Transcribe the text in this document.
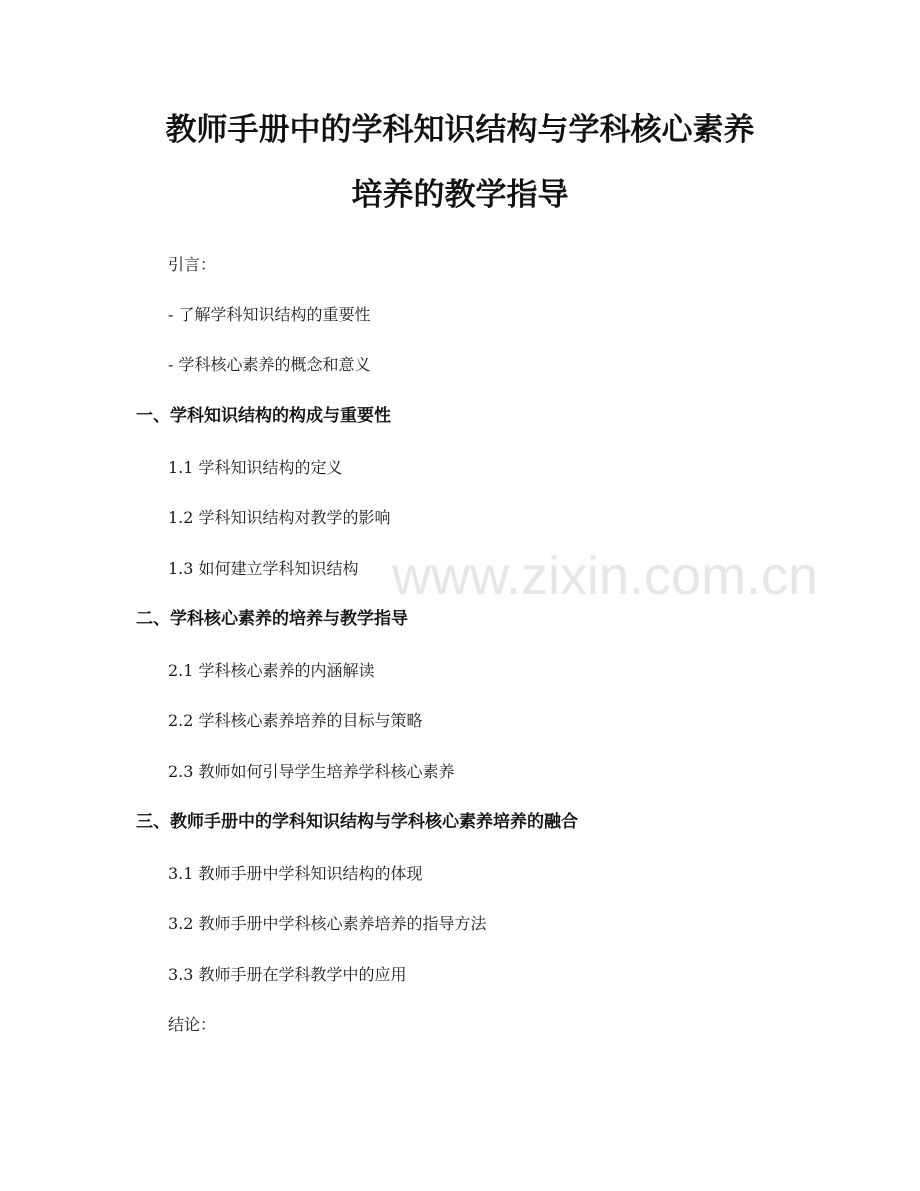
www.zixin.com.cn
教师手册中的学科知识结构与学科核心素养
培养的教学指导
引言：
- 了解学科知识结构的重要性
- 学科核心素养的概念和意义
一、学科知识结构的构成与重要性
1.1 学科知识结构的定义
1.2 学科知识结构对教学的影响
1.3 如何建立学科知识结构
二、学科核心素养的培养与教学指导
2.1 学科核心素养的内涵解读
2.2 学科核心素养培养的目标与策略
2.3 教师如何引导学生培养学科核心素养
三、教师手册中的学科知识结构与学科核心素养培养的融合
3.1 教师手册中学科知识结构的体现
3.2 教师手册中学科核心素养培养的指导方法
3.3 教师手册在学科教学中的应用
结论：
